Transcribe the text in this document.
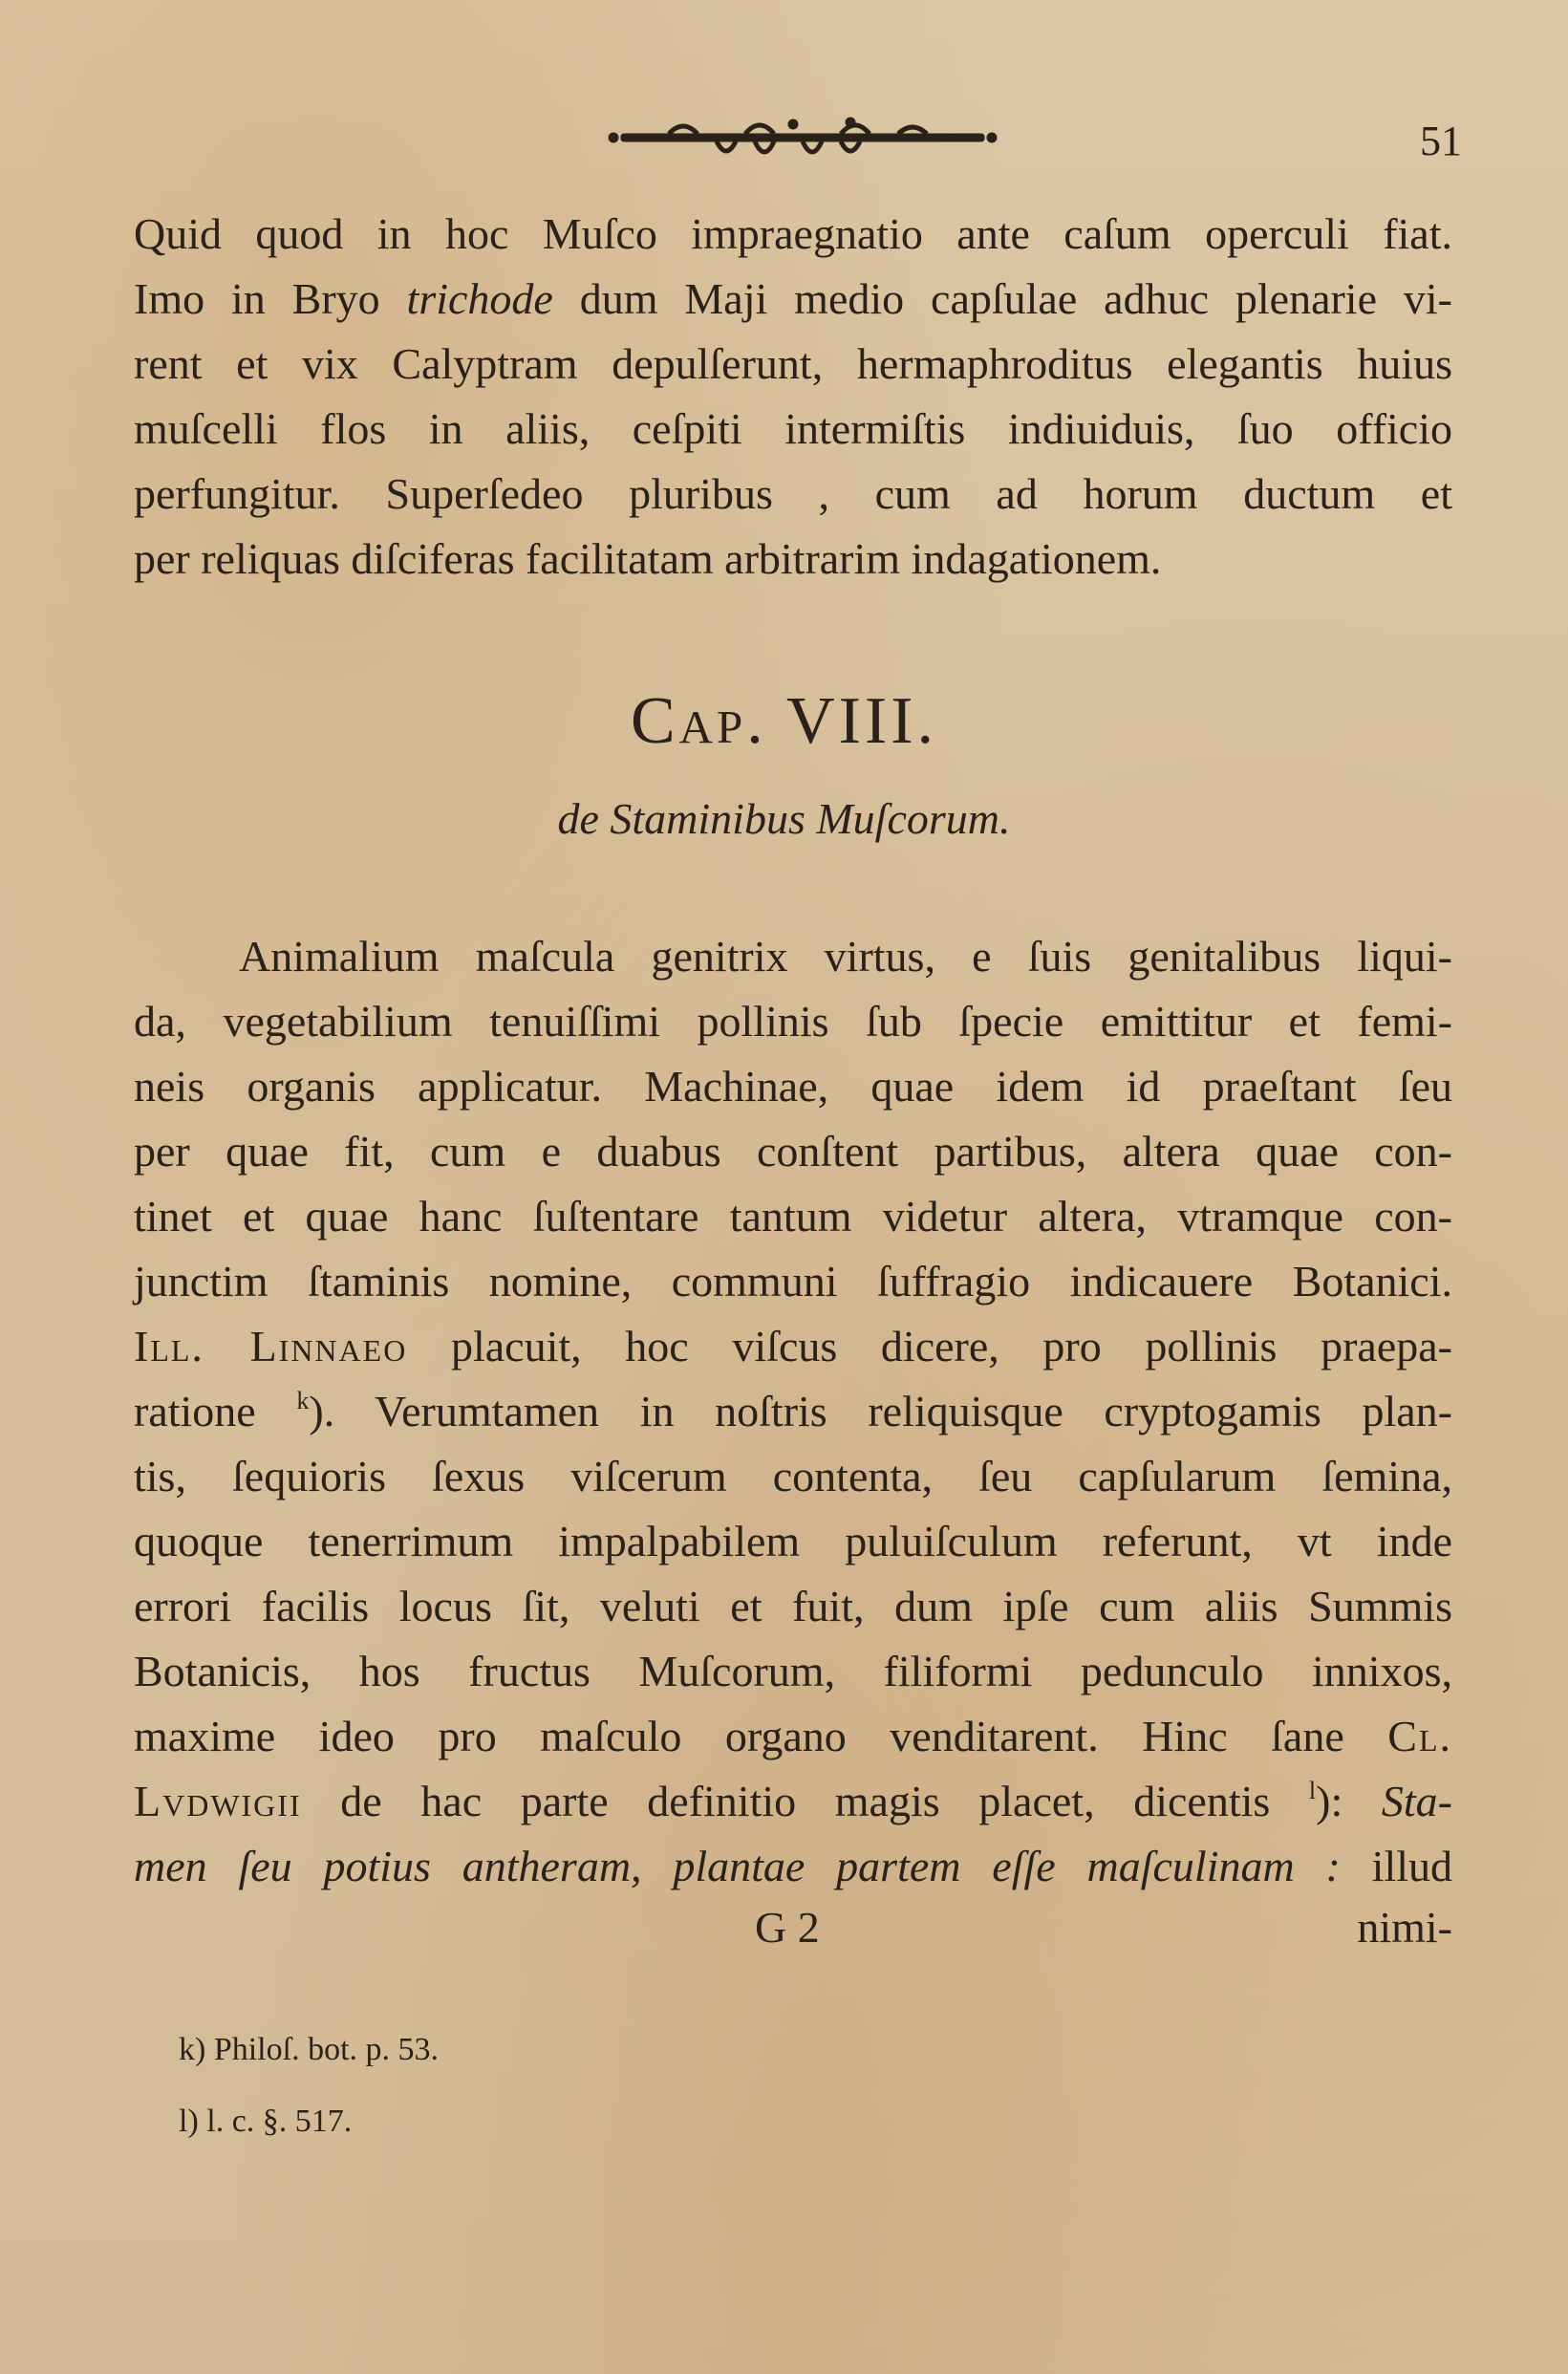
51
Quid quod in hoc Muſco impraegnatio ante caſum operculi fiat.
Imo in Bryo trichode dum Maji medio capſulae adhuc plenarie vi-
rent et vix Calyptram depulſerunt, hermaphroditus elegantis huius
muſcelli flos in aliis, ceſpiti intermiſtis indiuiduis, ſuo officio
perfungitur. Superſedeo pluribus , cum ad horum ductum et
per reliquas diſciferas facilitatam arbitrarim indagationem.
Cap. VIII.
de Staminibus Muſcorum.
Animalium maſcula genitrix virtus, e ſuis genitalibus liqui-
da, vegetabilium tenuiſſimi pollinis ſub ſpecie emittitur et femi-
neis organis applicatur. Machinae, quae idem id praeſtant ſeu
per quae fit, cum e duabus conſtent partibus, altera quae con-
tinet et quae hanc ſuſtentare tantum videtur altera, vtramque con-
junctim ſtaminis nomine, communi ſuffragio indicauere Botanici.
Ill. Linnaeo placuit, hoc viſcus dicere, pro pollinis praepa-
ratione $^k$). Verumtamen in noſtris reliquisque cryptogamis plan-
tis, ſequioris ſexus viſcerum contenta, ſeu capſularum ſemina,
quoque tenerrimum impalpabilem puluiſculum referunt, vt inde
errori facilis locus ſit, veluti et fuit, dum ipſe cum aliis Summis
Botanicis, hos fructus Muſcorum, filiformi pedunculo innixos,
maxime ideo pro maſculo organo venditarent. Hinc ſane Cl.
Lvdwigii de hac parte definitio magis placet, dicentis $^l$): Sta-
men ſeu potius antheram, plantae partem eſſe maſculinam : illud
G 2	nimi-
k) Philoſ. bot. p. 53.
l) l. c. §. 517.
